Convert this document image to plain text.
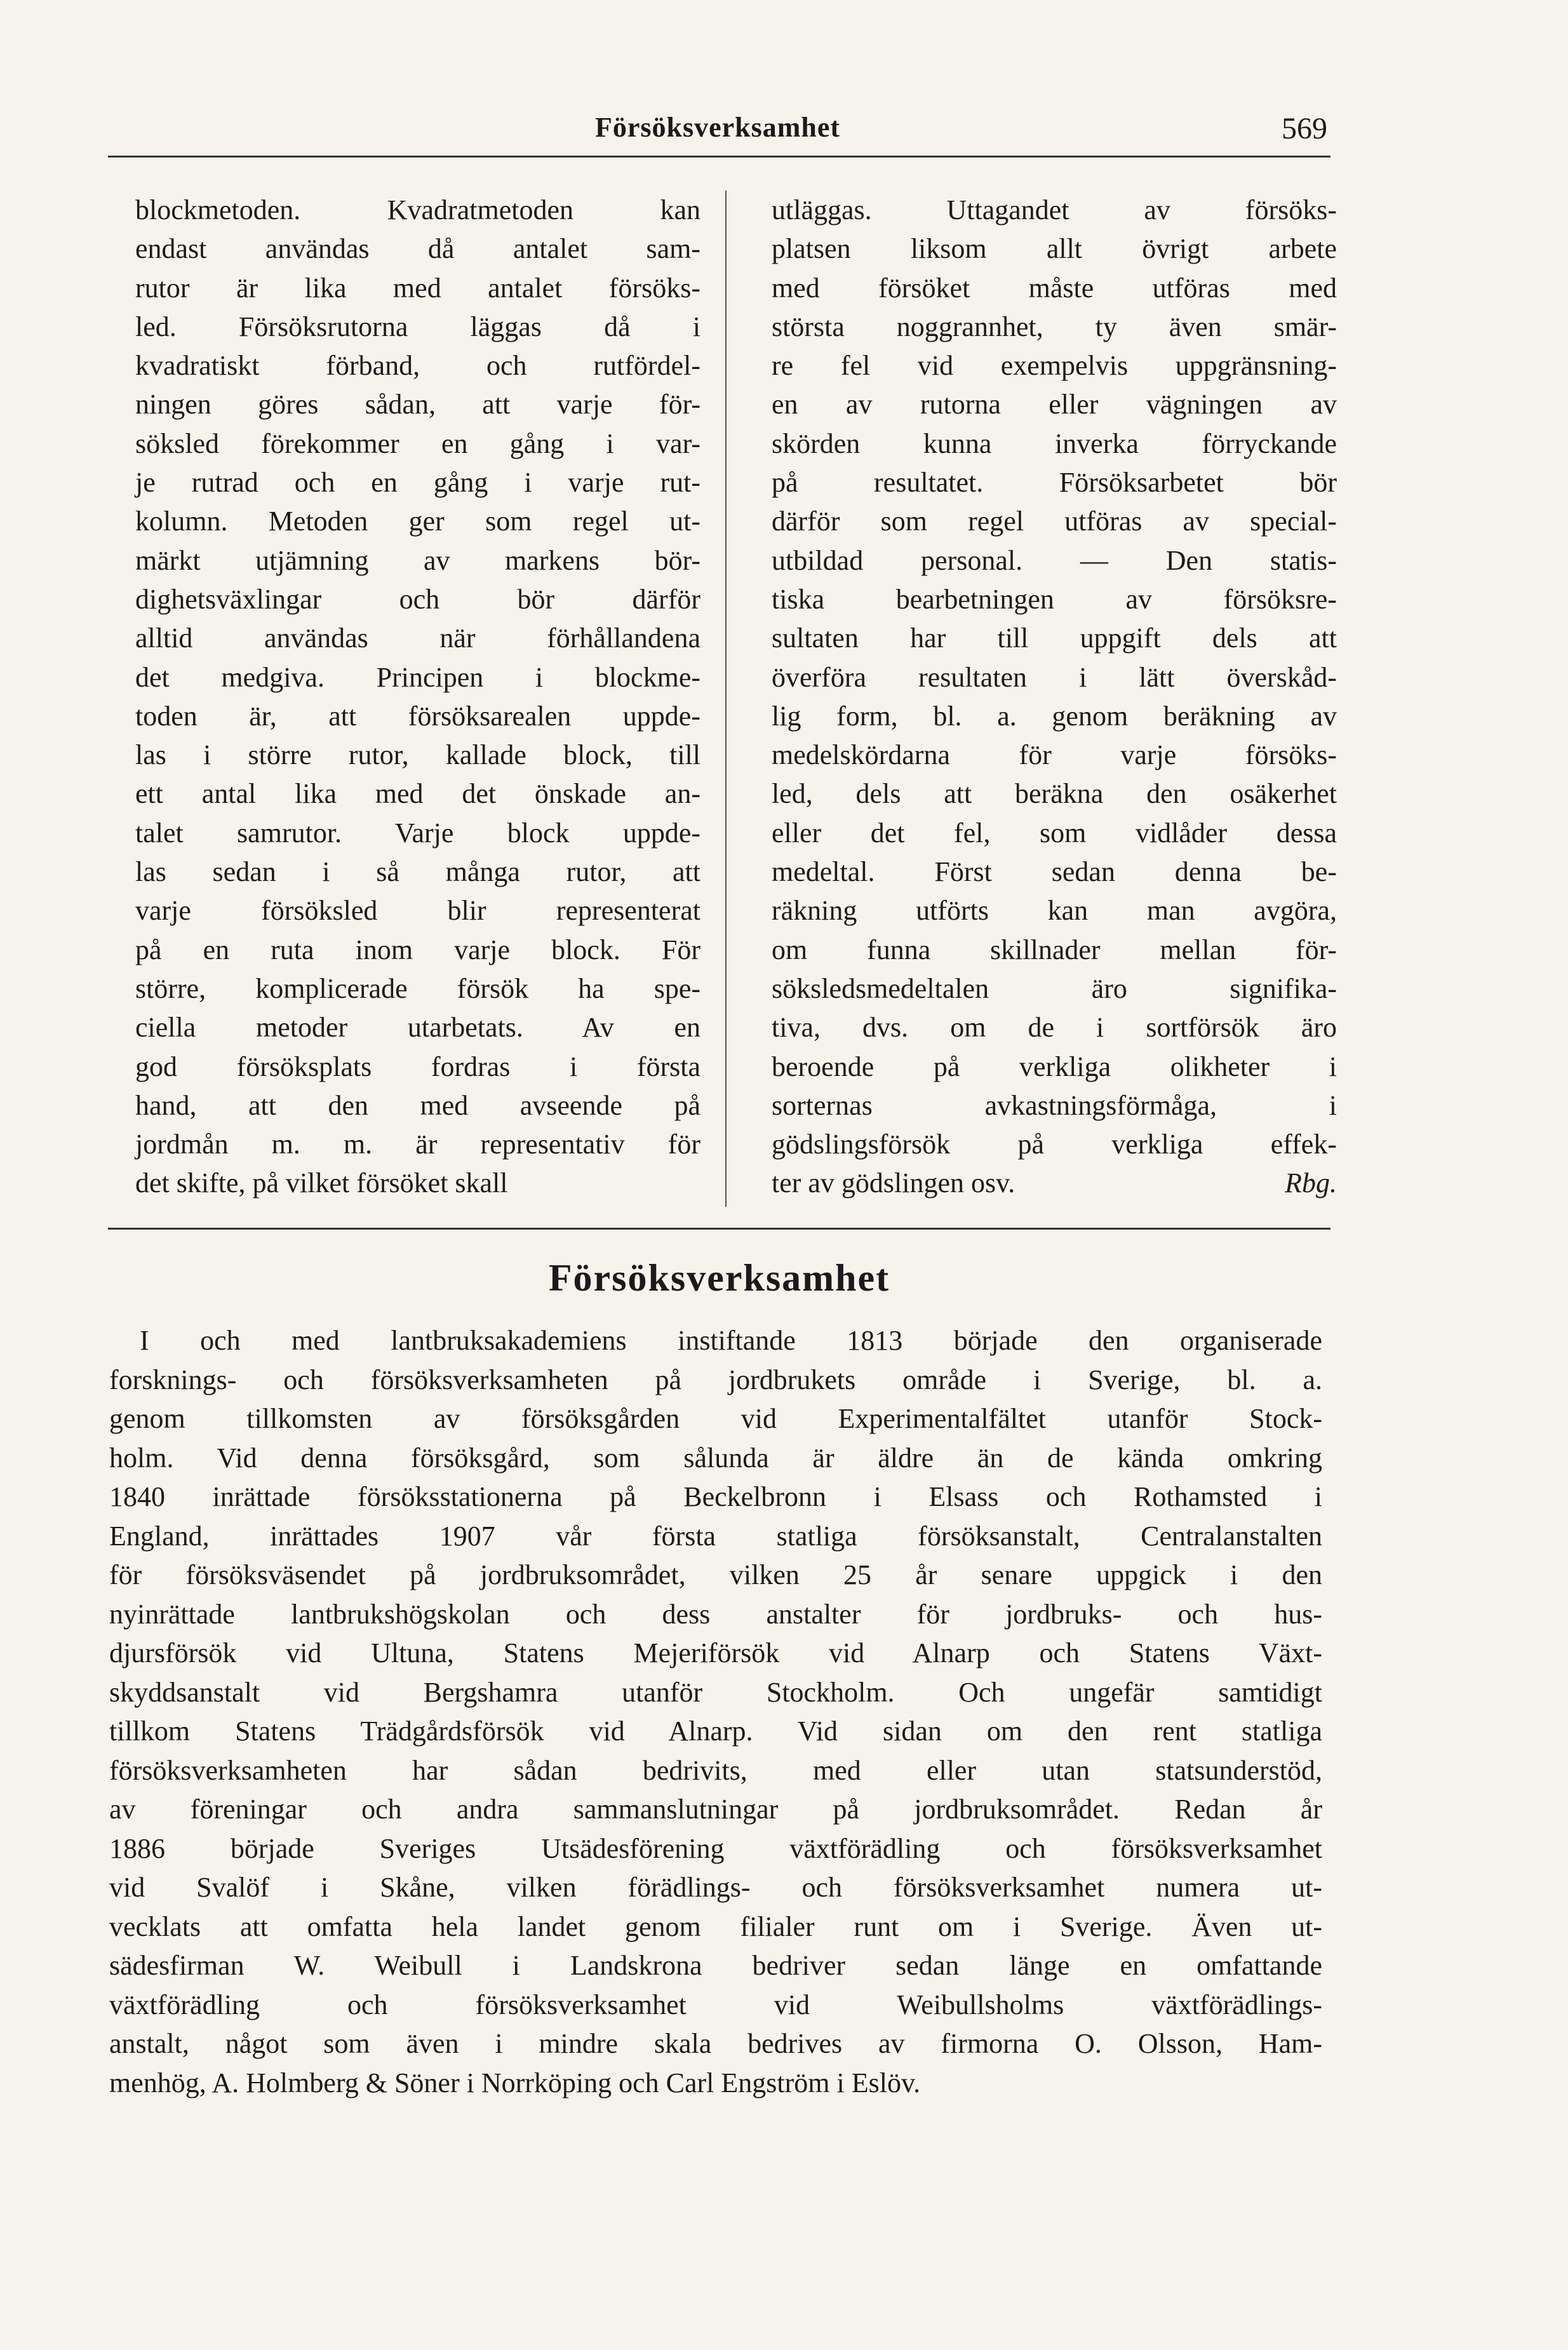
Försöksverksamhet	569
blockmetoden. Kvadratmetoden kan
endast användas då antalet sam-
rutor är lika med antalet försöks-
led. Försöksrutorna läggas då i
kvadratiskt förband, och rutfördel-
ningen göres sådan, att varje för-
söksled förekommer en gång i var-
je rutrad och en gång i varje rut-
kolumn. Metoden ger som regel ut-
märkt utjämning av markens bör-
dighetsväxlingar och bör därför
alltid användas när förhållandena
det medgiva. Principen i blockme-
toden är, att försöksarealen uppde-
las i större rutor, kallade block, till
ett antal lika med det önskade an-
talet samrutor. Varje block uppde-
las sedan i så många rutor, att
varje försöksled blir representerat
på en ruta inom varje block. För
större, komplicerade försök ha spe-
ciella metoder utarbetats. Av en
god försöksplats fordras i första
hand, att den med avseende på
jordmån m. m. är representativ för
det skifte, på vilket försöket skall
utläggas. Uttagandet av försöks-
platsen liksom allt övrigt arbete
med försöket måste utföras med
största noggrannhet, ty även smär-
re fel vid exempelvis uppgränsning-
en av rutorna eller vägningen av
skörden kunna inverka förryckande
på resultatet. Försöksarbetet bör
därför som regel utföras av special-
utbildad personal. — Den statis-
tiska bearbetningen av försöksre-
sultaten har till uppgift dels att
överföra resultaten i lätt överskåd-
lig form, bl. a. genom beräkning av
medelskördarna för varje försöks-
led, dels att beräkna den osäkerhet
eller det fel, som vidlåder dessa
medeltal. Först sedan denna be-
räkning utförts kan man avgöra,
om funna skillnader mellan för-
söksledsmedeltalen äro signifika-
tiva, dvs. om de i sortförsök äro
beroende på verkliga olikheter i
sorternas avkastningsförmåga, i
gödslingsförsök på verkliga effek-
ter av gödslingen osv.	Rbg.
Försöksverksamhet
I och med lantbruksakademiens instiftande 1813 började den organiserade
forsknings- och försöksverksamheten på jordbrukets område i Sverige, bl. a.
genom tillkomsten av försöksgården vid Experimentalfältet utanför Stock-
holm. Vid denna försöksgård, som sålunda är äldre än de kända omkring
1840 inrättade försöksstationerna på Beckelbronn i Elsass och Rothamsted i
England, inrättades 1907 vår första statliga försöksanstalt, Centralanstalten
för försöksväsendet på jordbruksområdet, vilken 25 år senare uppgick i den
nyinrättade lantbrukshögskolan och dess anstalter för jordbruks- och hus-
djursförsök vid Ultuna, Statens Mejeriförsök vid Alnarp och Statens Växt-
skyddsanstalt vid Bergshamra utanför Stockholm. Och ungefär samtidigt
tillkom Statens Trädgårdsförsök vid Alnarp. Vid sidan om den rent statliga
försöksverksamheten har sådan bedrivits, med eller utan statsunderstöd,
av föreningar och andra sammanslutningar på jordbruksområdet. Redan år
1886 började Sveriges Utsädesförening växtförädling och försöksverksamhet
vid Svalöf i Skåne, vilken förädlings- och försöksverksamhet numera ut-
vecklats att omfatta hela landet genom filialer runt om i Sverige. Även ut-
sädesfirman W. Weibull i Landskrona bedriver sedan länge en omfattande
växtförädling och försöksverksamhet vid Weibullsholms växtförädlings-
anstalt, något som även i mindre skala bedrives av firmorna O. Olsson, Ham-
menhög, A. Holmberg & Söner i Norrköping och Carl Engström i Eslöv.
